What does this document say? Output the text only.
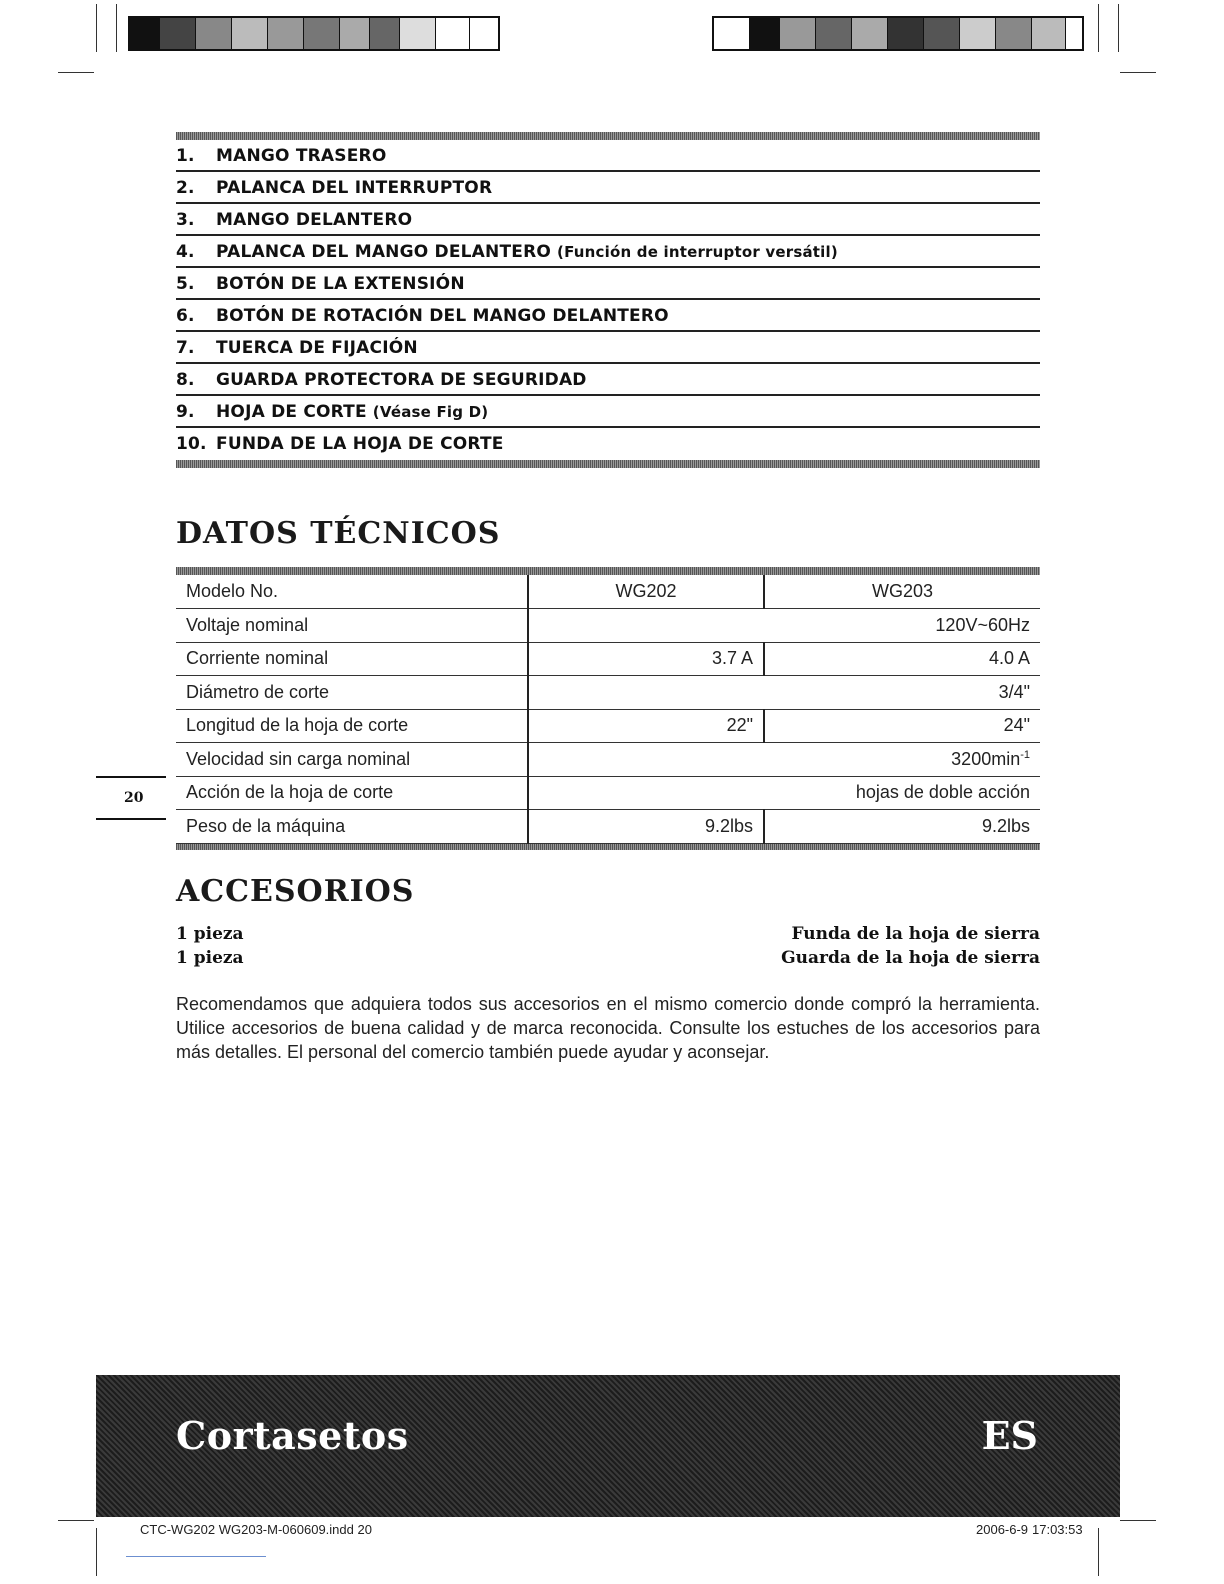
1.	MANGO TRASERO
2.	PALANCA DEL INTERRUPTOR
3.	MANGO DELANTERO
4.	PALANCA DEL MANGO DELANTERO (Función de interruptor versátil)
5.	BOTÓN DE LA EXTENSIÓN
6.	BOTÓN DE ROTACIÓN DEL MANGO DELANTERO
7.	TUERCA DE FIJACIÓN
8.	GUARDA PROTECTORA DE SEGURIDAD
9.	HOJA DE CORTE (Véase Fig D)
10. FUNDA DE LA HOJA DE CORTE
DATOS TÉCNICOS
Modelo No.	WG202	WG203
Voltaje nominal	120V~60Hz	
Corriente nominal	3.7 A	4.0 A
Diámetro de corte	3/4"	
Longitud de la hoja de corte	22"	24"
Velocidad sin carga nominal	$3200\min^{-1}$
Acción de la hoja de corte	hojas de doble acción	
Peso de la máquina	9.2lbs	9.2lbs
20
ACCESORIOS
1 pieza	Funda de la hoja de sierra
1 pieza	Guarda de la hoja de sierra

Recomendamos que adquiera todos sus accesorios en el mismo comercio donde compró la herramienta. Utilice accesorios de buena calidad y de marca reconocida. Consulte los estuches de los accesorios para más detalles. El personal del comercio también puede ayudar y aconsejar.

Cortasetos	ES
CTC-WG202 WG203-M-060609.indd 20	2006-6-9 17:03:53
